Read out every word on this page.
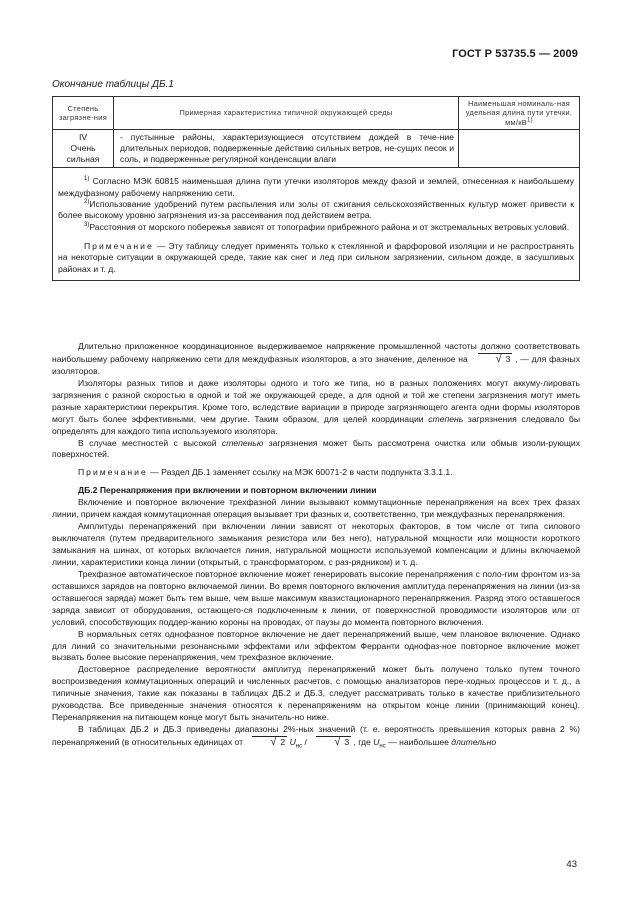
ГОСТ Р 53735.5 — 2009
Окончание таблицы ДБ.1
Степень загрязне-ния	Примерная характеристика типичной окружающей среды	Наименьшая номиналь-ная удельная длина пути утечки, $мм/кВ^{1)}$

IV
Очень сильная	- пустынные районы, характеризующиеся отсутствием дождей в тече-ние длительных периодов, подверженные действию сильных ветров, не-сущих песок и соль, и подверженные регулярной конденсации влаги	

$^{1)}$ Согласно МЭК 60815 наименьшая длина пути утечки изоляторов между фазой и землей, отнесенная к наибольшему междуфазному рабочему напряжению сети.

$^{2)}$Использование удобрений путем распыления или золы от сжигания сельскохозяйственных культур может привести к более высокому уровню загрязнения из-за рассеивания под действием ветра.

$^{3)}$Расстояния от морского побережья зависят от топографии прибрежного района и от экстремальных ветровых условий.

Примечание — Эту таблицу следует применять только к стеклянной и фарфоровой изоляции и не распространять на некоторые ситуации в окружающей среде, такие как снег и лед при сильном загрязнении, сильном дожде, в засушливых районах и т. д.		

Длительно приложенное координационное выдерживаемое напряжение промышленной частоты должно соответствовать наибольшему рабочему напряжению сети для междуфазных изоляторов, а это значение, деленное на	√ 3 , — для фазных изоляторов.

Изоляторы разных типов и даже изоляторы одного и того же типа, но в разных положениях могут аккуму-лировать загрязнения с разной скоростью в одной и той же окружающей среде, а для одной и той же степени загрязнения могут иметь разные характеристики перекрытия. Кроме того, вследствие вариации в природе загрязняющего агента одни формы изоляторов могут быть более эффективными, чем другие. Таким образом, для целей координации степень загрязнения следовало бы определять для каждого типа используемого изолятора.

В случае местностей с высокой степенью загрязнения может быть рассмотрена очистка или обмыв изоли-рующих поверхностей.

Примечание — Раздел ДБ.1 заменяет ссылку на МЭК 60071-2 в части подпункта 3.3.1.1.

ДБ.2 Перенапряжения при включении и повторном включении линии

Включение и повторное включение трехфазной линии вызывают коммутационные перенапряжения на всех трех фазах линии, причем каждая коммутационная операция вызывает три фазных и, соответственно, три междуфазных перенапряжения.

Амплитуды перенапряжений при включении линии зависят от некоторых факторов, в том числе от типа силового выключателя (путем предварительного замыкания резистора или без него), натуральной мощности или мощности короткого замыкания на шинах, от которых включается линия, натуральной мощности используемой компенсации и длины включаемой линии, характеристики конца линии (открытый, с трансформатором, с раз-рядником) и т. д.

Трехфазное автоматическое повторное включение может генерировать высокие перенапряжения с поло-гим фронтом из-за оставшихся зарядов на повторно включаемой линии. Во время повторного включения амплитуда перенапряжения на линии (из-за оставшегося заряда) может быть тем выше, чем выше максимум квазистационарного перенапряжения. Разряд этого оставшегося заряда зависит от оборудования, остающего-ся подключенным к линии, от поверхностной проводимости изоляторов или от условий, способствующих поддер-жанию короны на проводах, от паузы до момента повторного включения.

В нормальных сетях однофазное повторное включение не дает перенапряжений выше, чем плановое включение. Однако для линий со значительными резонансными эффектами или эффектом Ферранти однофаз-ное повторное включение может вызвать более высокие перенапряжения, чем трехфазное включение.

Достоверное распределение вероятности амплитуд перенапряжений может быть получено только путем точного воспроизведения коммутационных операций и численных расчетов, с помощью анализаторов пере-ходных процессов и т. д., а типичные значения, такие как показаны в таблицах ДБ.2 и ДБ.3, следует рассматривать только в качестве приблизительного руководства. Все приведенные значения относятся к перенапряжениям на открытом конце линии (принимающий конец). Перенапряжения на питающем конце могут быть значитель-но ниже.

В таблицах ДБ.2 и ДБ.3 приведены диапазоны 2%-ных значений (т. е. вероятность превышения которых равна 2 %) перенапряжений (в относительных единицах от	√ 2 $U_{нс}$ /	√ 3 , где $U_{нс}$ — наибольшее длительно

43
